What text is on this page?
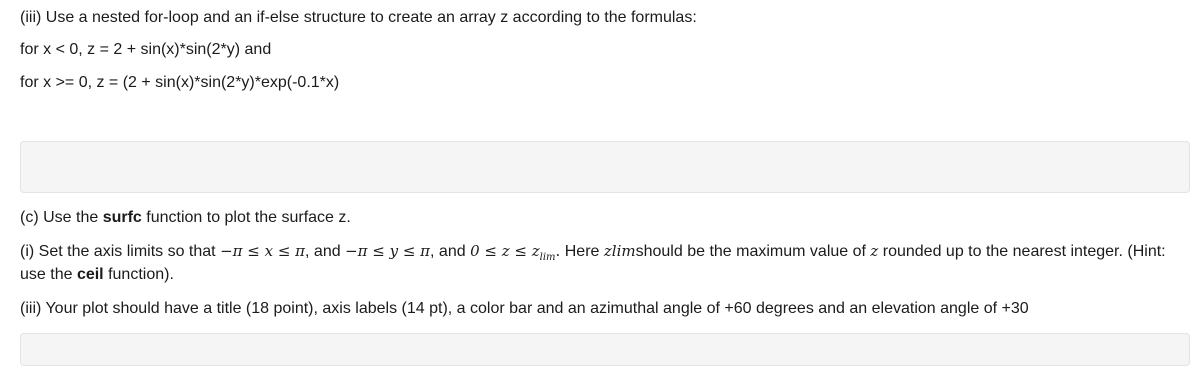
(iii) Use a nested for-loop and an if-else structure to create an array z according to the formulas:
for x < 0, z = 2 + sin(x)*sin(2*y) and
for x >= 0, z = (2 + sin(x)*sin(2*y)*exp(-0.1*x)
(c) Use the surfc function to plot the surface z.
(i) Set the axis limits so that −π ≤ x ≤ π, and −π ≤ y ≤ π, and $0 \le z \le z_{lim}$. Here zlimshould be the maximum value of z rounded up to the nearest integer. (Hint:
use the ceil function).
(iii) Your plot should have a title (18 point), axis labels (14 pt), a color bar and an azimuthal angle of +60 degrees and an elevation angle of +30
